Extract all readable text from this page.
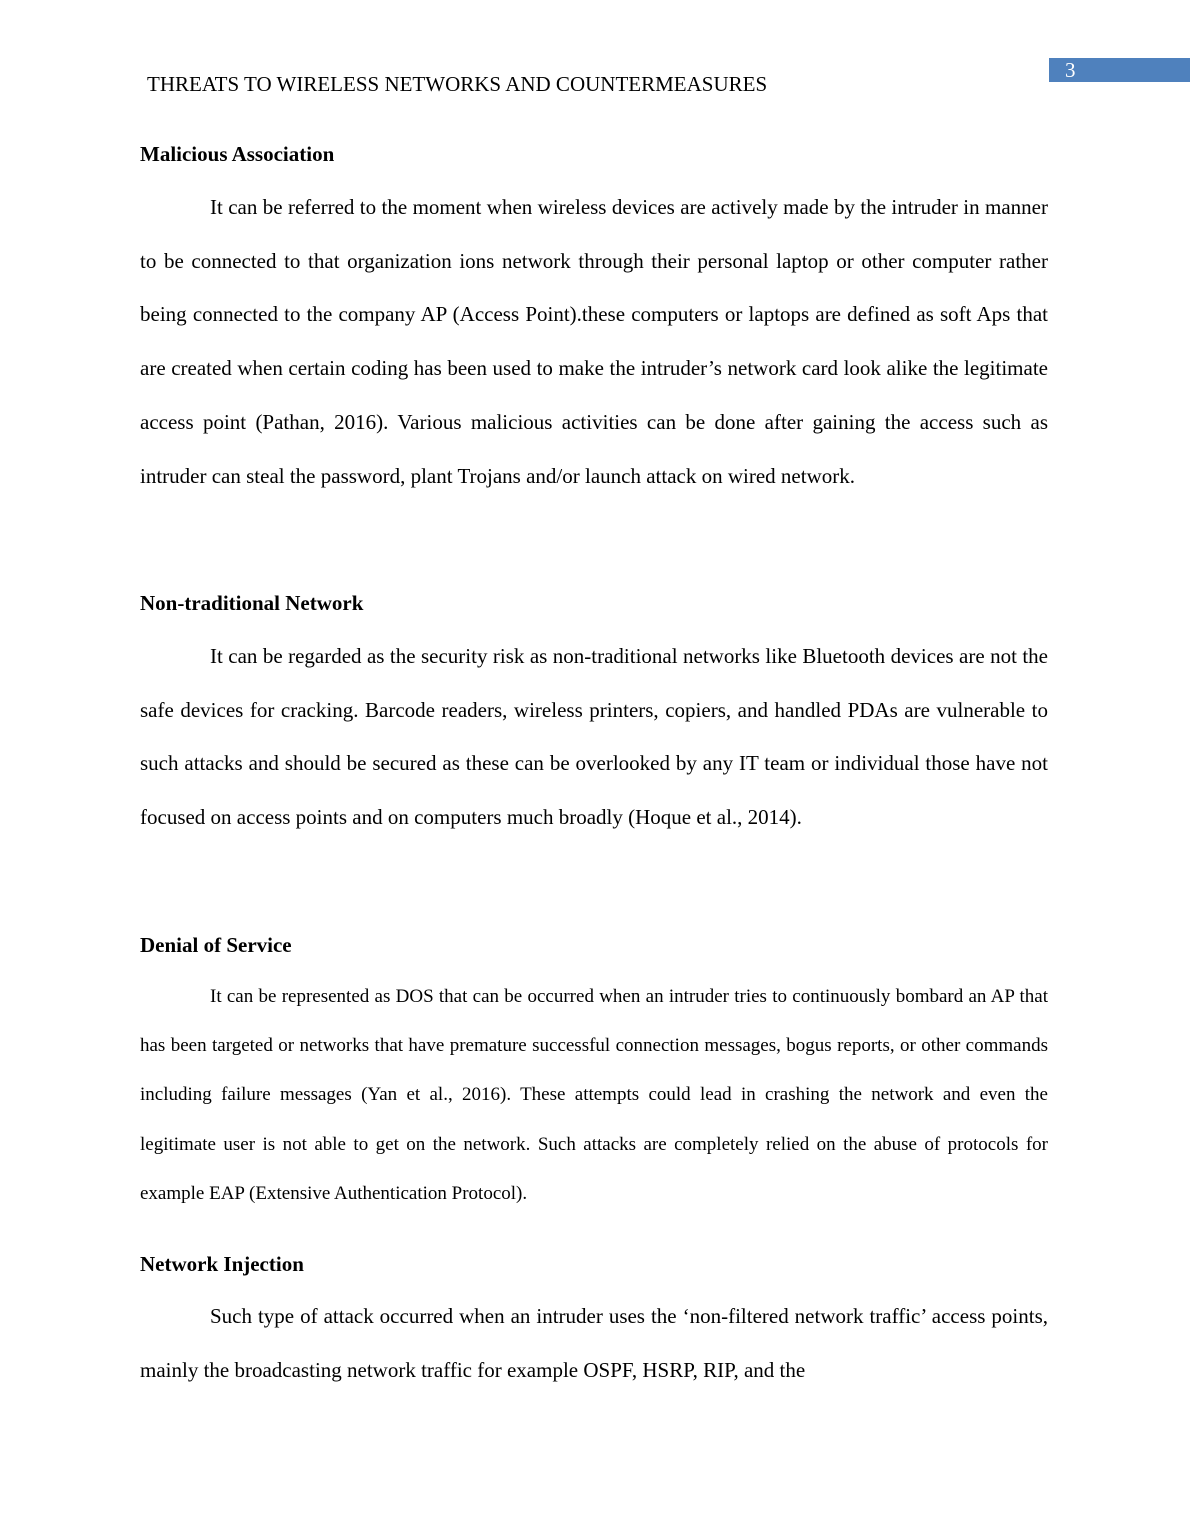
3
THREATS TO WIRELESS NETWORKS AND COUNTERMEASURES
Malicious Association

It can be referred to the moment when wireless devices are actively made by the intruder in manner to be connected to that organization ions network through their personal laptop or other computer rather being connected to the company AP (Access Point).these computers or laptops are defined as soft Aps that are created when certain coding has been used to make the intruder’s network card look alike the legitimate access point (Pathan, 2016). Various malicious activities can be done after gaining the access such as intruder can steal the password, plant Trojans and/or launch attack on wired network.

Non-traditional Network

It can be regarded as the security risk as non-traditional networks like Bluetooth devices are not the safe devices for cracking. Barcode readers, wireless printers, copiers, and handled PDAs are vulnerable to such attacks and should be secured as these can be overlooked by any IT team or individual those have not focused on access points and on computers much broadly (Hoque et al., 2014).

Denial of Service

It can be represented as DOS that can be occurred when an intruder tries to continuously bombard an AP that has been targeted or networks that have premature successful connection messages, bogus reports, or other commands including failure messages (Yan et al., 2016). These attempts could lead in crashing the network and even the legitimate user is not able to get on the network. Such attacks are completely relied on the abuse of protocols for example EAP (Extensive Authentication Protocol).

Network Injection

Such type of attack occurred when an intruder uses the ‘non-filtered network traffic’ access points, mainly the broadcasting network traffic for example OSPF, HSRP, RIP, and the
